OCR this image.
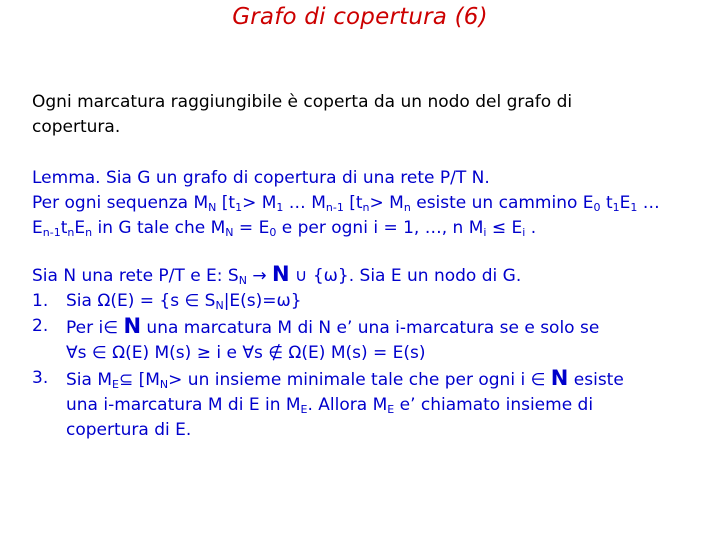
Grafo di copertura (6)
Ogni marcatura raggiungibile è coperta da un nodo del grafo di
copertura.
Lemma. Sia G un grafo di copertura di una rete P/T N.
Per ogni sequenza $M_N$ [$t_1> M_1$ … $M_{n-1}$ [$t_n> M_n$ esiste un cammino $E_0$ $t_1E_1$ …
$E_{n-1}t_nE_n$ in G tale che $M_N = E_0$ e per ogni i = 1, …, n $M_i \le E_i$ .
Sia N una rete P/T e E: $S_N \to N$ ∪ {ω}. Sia E un nodo di G.
1. Sia Ω(E) = {s ∈ $S_N|E(s)=\omega$}
2. Per i∈ N una marcatura M di N e’ una i-marcatura se e solo se
∀s ∈ Ω(E) M(s) ≥ i e ∀s ∉ Ω(E) M(s) = E(s)
3. Sia $M_E⊆$ [$M_N>$ un insieme minimale tale che per ogni i ∈ N esiste
una i-marcatura M di E in $M_E$. Allora $M_E$ e’ chiamato insieme di
copertura di E.
